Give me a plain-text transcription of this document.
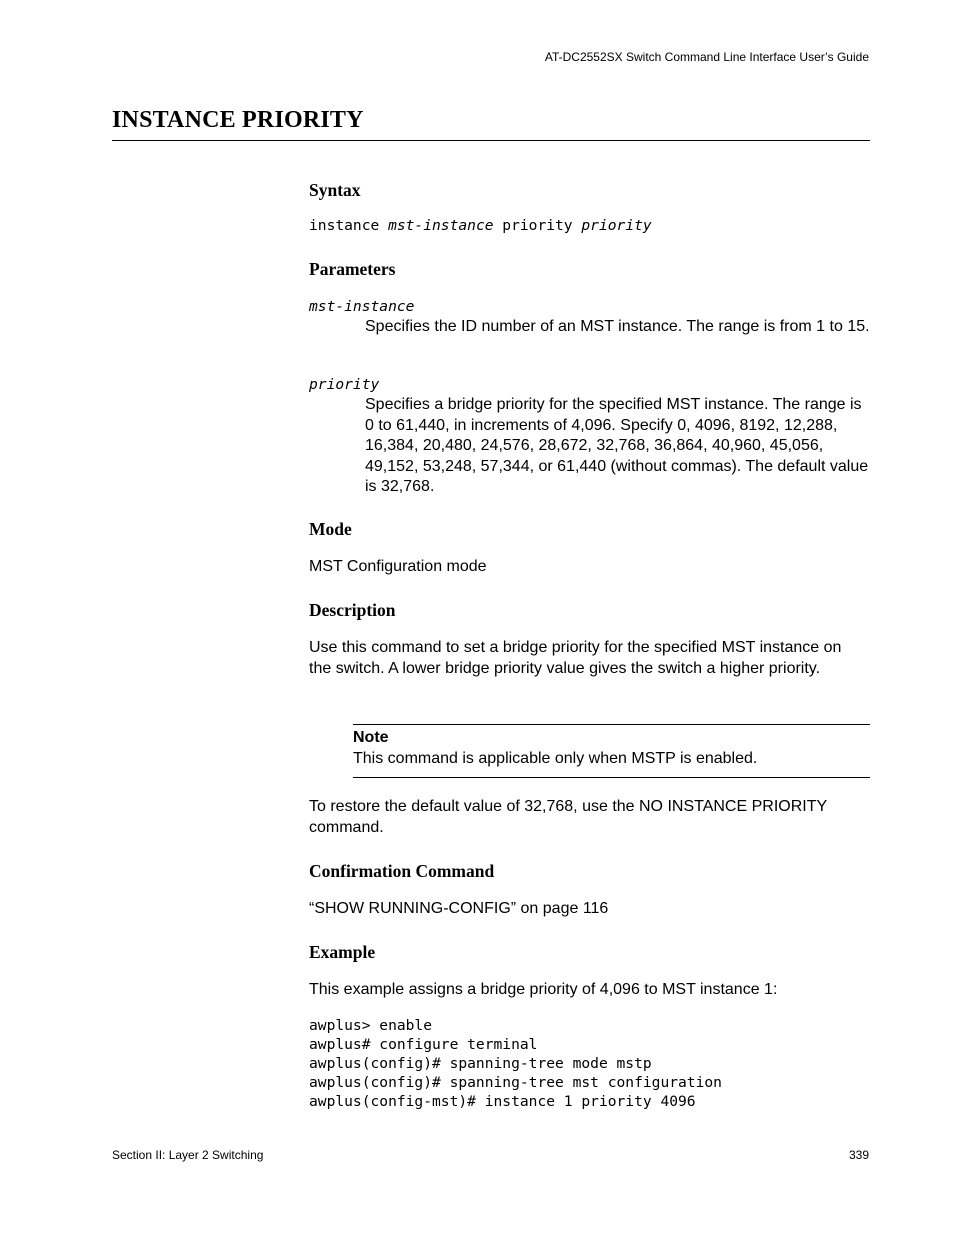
AT-DC2552SX Switch Command Line Interface User’s Guide
INSTANCE PRIORITY
Syntax
instance mst-instance priority priority
Parameters
mst-instance

Specifies the ID number of an MST instance. The range is from 1 to 15.

priority

Specifies a bridge priority for the specified MST instance. The range is 0 to 61,440, in increments of 4,096. Specify 0, 4096, 8192, 12,288, 16,384, 20,480, 24,576, 28,672, 32,768, 36,864, 40,960, 45,056, 49,152, 53,248, 57,344, or 61,440 (without commas). The default value is 32,768.

Mode

MST Configuration mode

Description

Use this command to set a bridge priority for the specified MST instance on the switch. A lower bridge priority value gives the switch a higher priority.

Note
This command is applicable only when MSTP is enabled.

To restore the default value of 32,768, use the NO INSTANCE PRIORITY command.

Confirmation Command

“SHOW RUNNING-CONFIG” on page 116

Example

This example assigns a bridge priority of 4,096 to MST instance 1:

awplus> enable
awplus# configure terminal
awplus(config)# spanning-tree mode mstp
awplus(config)# spanning-tree mst configuration
awplus(config-mst)# instance 1 priority 4096
Section II: Layer 2 Switching	339
